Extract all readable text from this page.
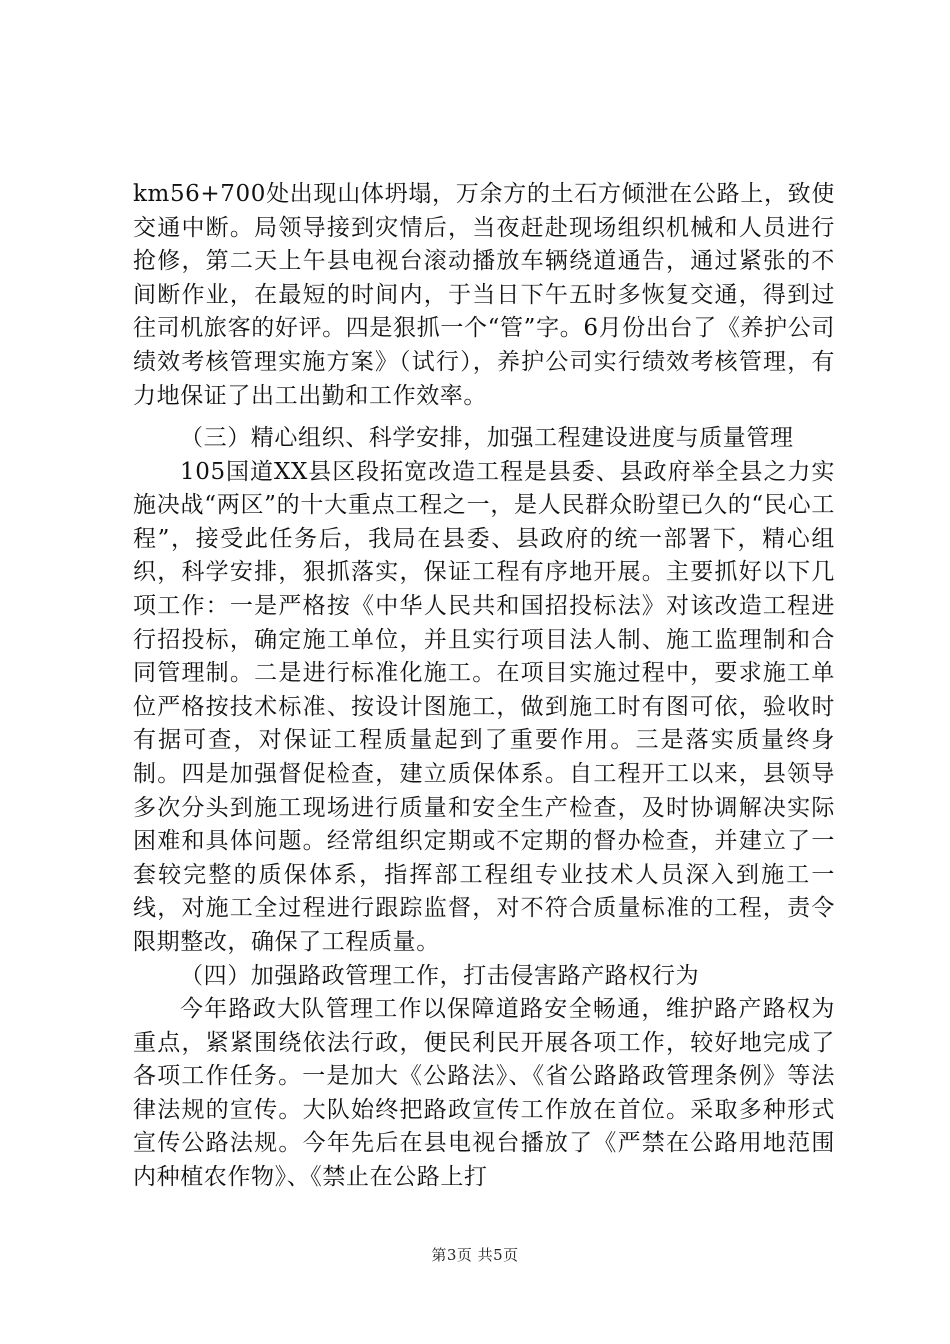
km56+700处出现山体坍塌，万余方的土石方倾泄在公路上，致使交通中断。局领导接到灾情后，当夜赶赴现场组织机械和人员进行抢修，第二天上午县电视台滚动播放车辆绕道通告，通过紧张的不间断作业，在最短的时间内，于当日下午五时多恢复交通，得到过往司机旅客的好评。四是狠抓一个“管”字。6月份出台了《养护公司绩效考核管理实施方案》（试行），养护公司实行绩效考核管理，有力地保证了出工出勤和工作效率。

（三）精心组织、科学安排，加强工程建设进度与质量管理

105国道XX县区段拓宽改造工程是县委、县政府举全县之力实施决战“两区”的十大重点工程之一，是人民群众盼望已久的“民心工程”，接受此任务后，我局在县委、县政府的统一部署下，精心组织，科学安排，狠抓落实，保证工程有序地开展。主要抓好以下几项工作：一是严格按《中华人民共和国招投标法》对该改造工程进行招投标，确定施工单位，并且实行项目法人制、施工监理制和合同管理制。二是进行标准化施工。在项目实施过程中，要求施工单位严格按技术标准、按设计图施工，做到施工时有图可依，验收时有据可查，对保证工程质量起到了重要作用。三是落实质量终身制。四是加强督促检查，建立质保体系。自工程开工以来，县领导多次分头到施工现场进行质量和安全生产检查，及时协调解决实际困难和具体问题。经常组织定期或不定期的督办检查，并建立了一套较完整的质保体系，指挥部工程组专业技术人员深入到施工一线，对施工全过程进行跟踪监督，对不符合质量标准的工程，责令限期整改，确保了工程质量。

（四）加强路政管理工作，打击侵害路产路权行为

今年路政大队管理工作以保障道路安全畅通，维护路产路权为重点，紧紧围绕依法行政，便民利民开展各项工作，较好地完成了各项工作任务。一是加大《公路法》、《省公路路政管理条例》等法律法规的宣传。大队始终把路政宣传工作放在首位。采取多种形式宣传公路法规。今年先后在县电视台播放了《严禁在公路用地范围内种植农作物》、《禁止在公路上打

第3页 共5页
